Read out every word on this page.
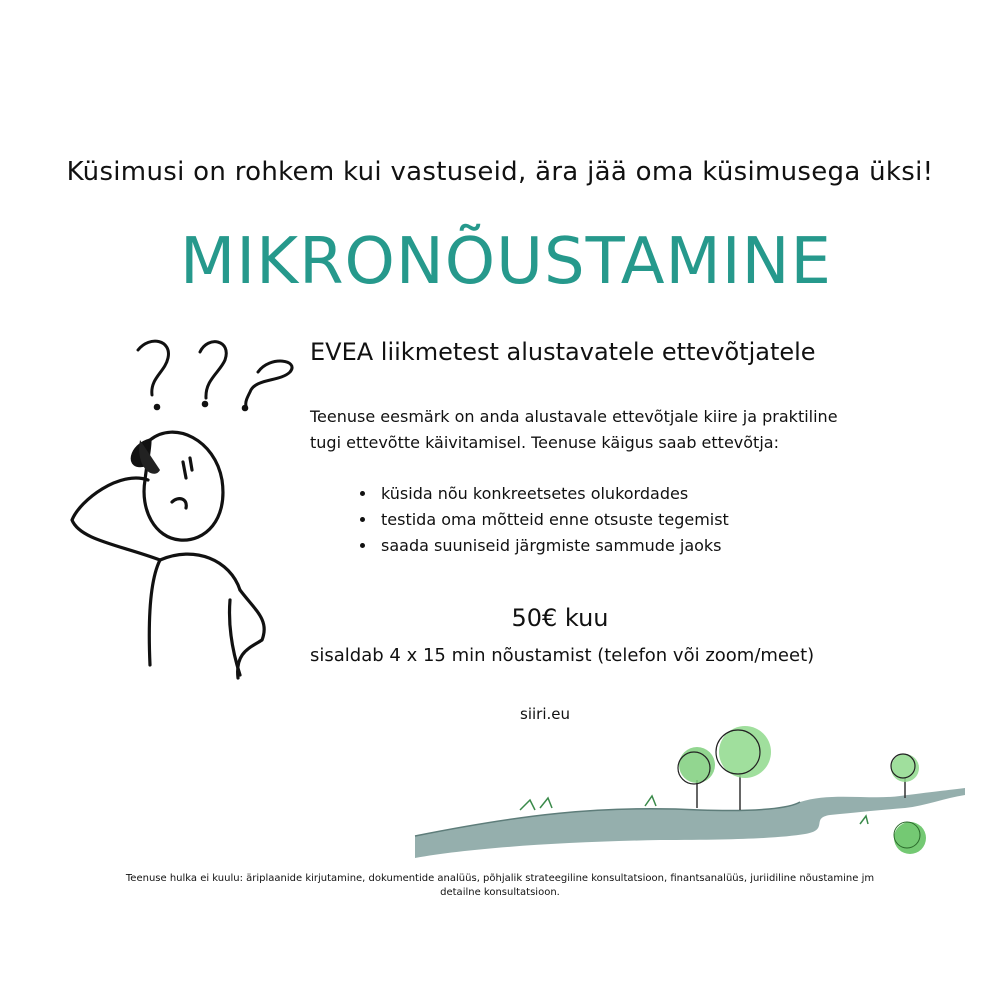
Küsimusi on rohkem kui vastuseid, ära jää oma küsimusega üksi!
MIKRONÕUSTAMINE
EVEA liikmetest alustavatele ettevõtjatele
Teenuse eesmärk on anda alustavale ettevõtjale kiire ja praktiline tugi ettevõtte käivitamisel. Teenuse käigus saab ettevõtja:
• küsida nõu konkreetsetes olukordades
• testida oma mõtteid enne otsuste tegemist
• saada suuniseid järgmiste sammude jaoks
50€ kuu
sisaldab 4 x 15 min nõustamist (telefon või zoom/meet)
siiri.eu
Teenuse hulka ei kuulu: äriplaanide kirjutamine, dokumentide analüüs, põhjalik strateegiline konsultatsioon, finantsanalüüs, juriidiline nõustamine jm detailne konsultatsioon.
